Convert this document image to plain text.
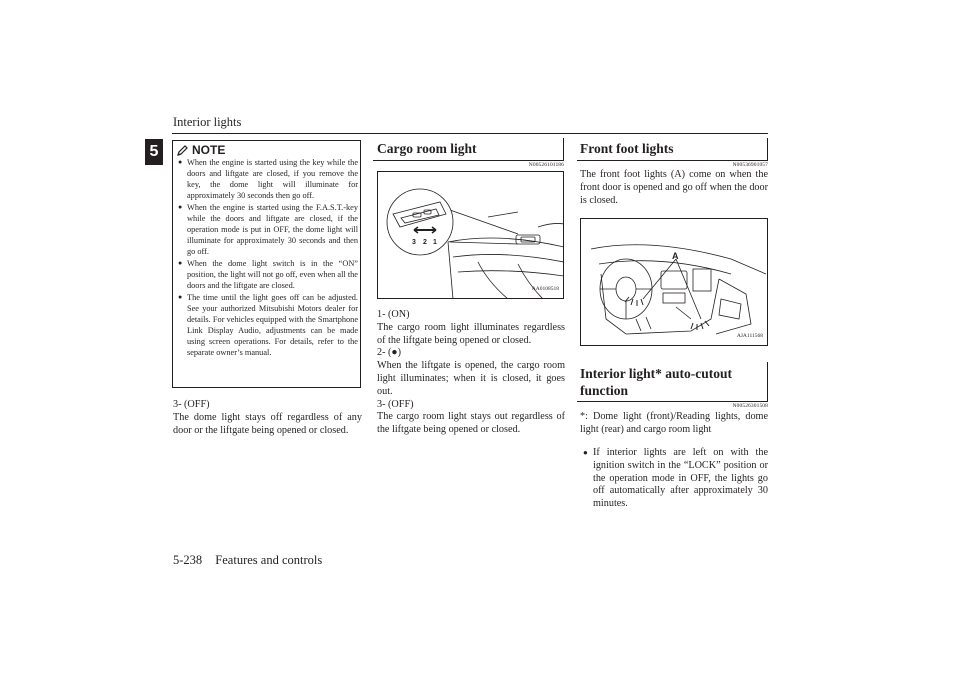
Interior lights
5	NOTE
● When the engine is started using the key while the doors and liftgate are closed, if you remove the key, the dome light will illuminate for approximately 30 seconds then go off.
● When the engine is started using the F.A.S.T.-key while the doors and liftgate are closed, if the operation mode is put in OFF, the dome light will illuminate for approximately 30 seconds and then go off.
● When the dome light switch is in the “ON” position, the light will not go off, even when all the doors and the liftgate are closed.
● The time until the light goes off can be adjusted. See your authorized Mitsubishi Motors dealer for details. For vehicles equipped with the Smartphone Link Display Audio, adjustments can be made using screen operations. For details, refer to the separate owner’s manual.

3- (OFF)

The dome light stays off regardless of any door or the liftgate being opened or closed.

Cargo room light
N00526101186
3 2 1
AA0108518

1- (ON)

The cargo room light illuminates regardless of the liftgate being opened or closed.

2- (●)

When the liftgate is opened, the cargo room light illuminates; when it is closed, it goes out.

3- (OFF)

The cargo room light stays out regardless of the liftgate being opened or closed.

Front foot lights
N00536901057
The front foot lights (A) come on when the front door is opened and go off when the door is closed.
A
AJA111568
Interior light* auto-cutout
function
N00526301508
*: Dome light (front)/Reading lights, dome light (rear) and cargo room light
● If interior lights are left on with the ignition switch in the “LOCK” position or the operation mode in OFF, the lights go off automatically after approximately 30 minutes.
5-238 Features and controls
